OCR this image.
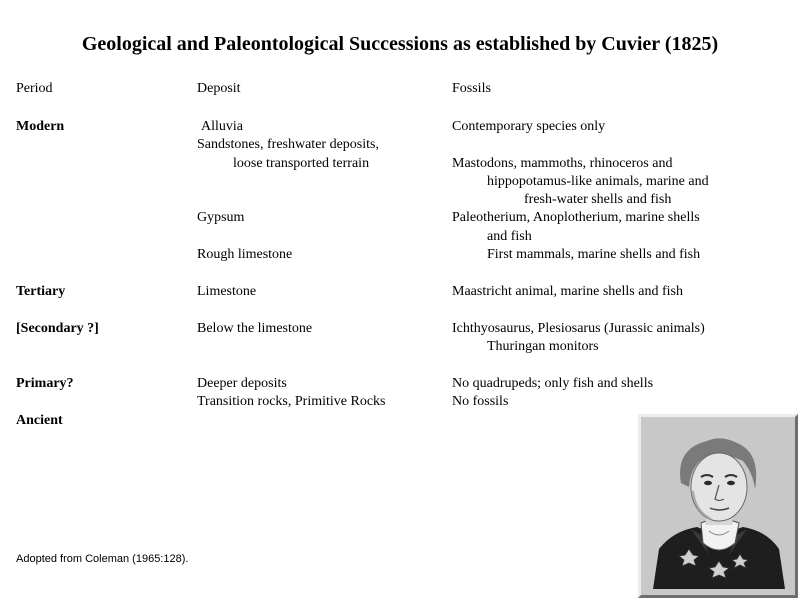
Geological and Paleontological Successions as established by Cuvier (1825)
Period	Deposit	Fossils
Modern
Tertiary
[Secondary ?]
Primary?
Ancient
Alluvia
Sandstones, freshwater deposits,
loose transported terrain
Gypsum
Rough limestone
Limestone
Below the limestone
Deeper deposits
Transition rocks, Primitive Rocks
Contemporary species only
Mastodons, mammoths, rhinoceros and
hippopotamus-like animals, marine and
fresh-water shells and fish
Paleotherium, Anoplotherium, marine shells
and fish
First mammals, marine shells and fish
Maastricht animal, marine shells and fish
Ichthyosaurus, Plesiosarus (Jurassic animals)
Thuringan monitors
No quadrupeds; only fish and shells
No fossils
Adopted from Coleman (1965:128).
